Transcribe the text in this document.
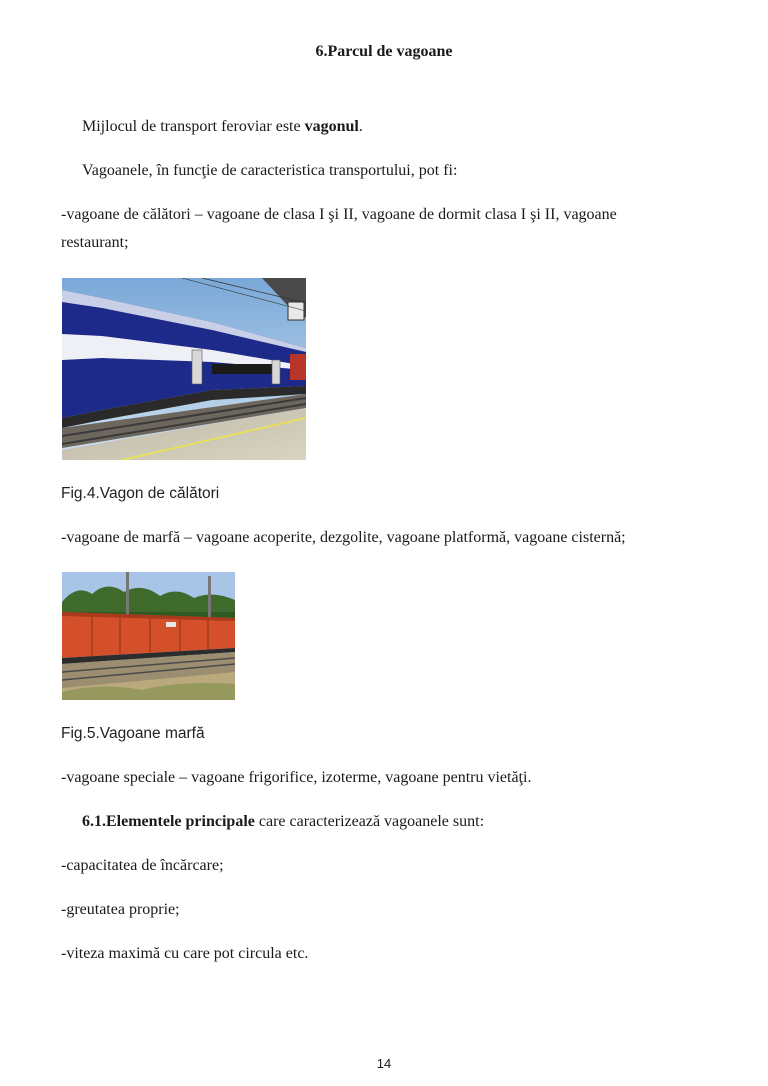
6.Parcul de vagoane
Mijlocul de transport feroviar este vagonul.
Vagoanele, în funcţie de caracteristica transportului, pot fi:
-vagoane de călători – vagoane de clasa I şi II, vagoane de dormit clasa I şi II, vagoane
restaurant;
Fig.4.Vagon de călători
-vagoane de marfă – vagoane acoperite, dezgolite, vagoane platformă, vagoane cisternă;
Fig.5.Vagoane marfă
-vagoane speciale – vagoane frigorifice, izoterme, vagoane pentru vietăţi.
6.1.Elementele principale care caracterizează vagoanele sunt:
-capacitatea de încărcare;
-greutatea proprie;
-viteza maximă cu care pot circula etc.
14
